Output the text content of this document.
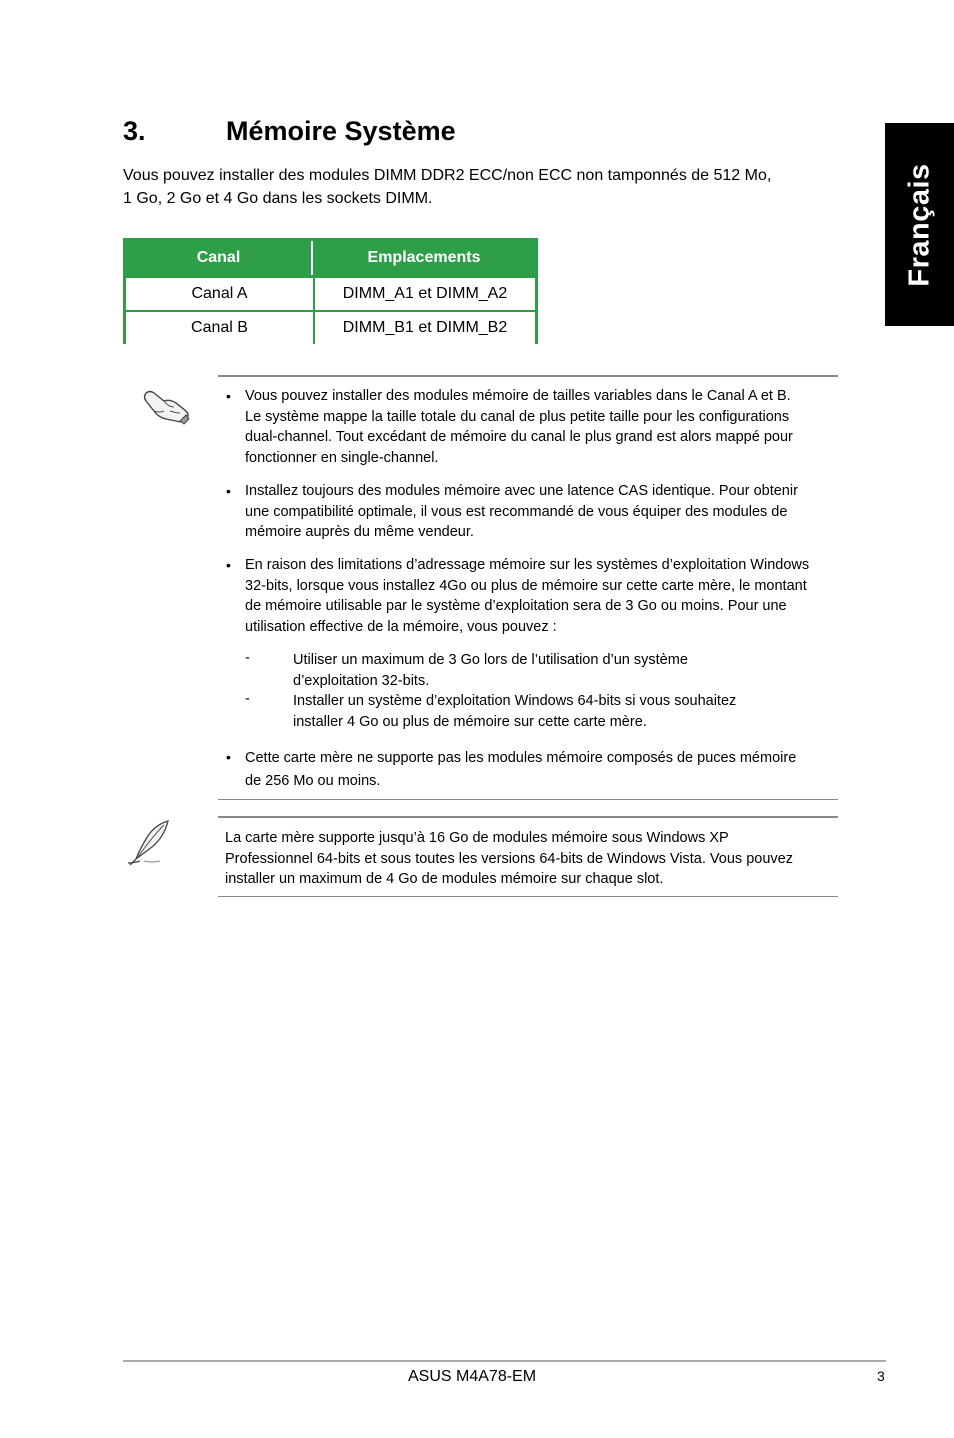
Français
3.	Mémoire Système
Vous pouvez installer des modules DIMM DDR2 ECC/non ECC non tamponnés de 512 Mo,
1 Go, 2 Go et 4 Go dans les sockets DIMM.
Canal	Emplacements
Canal A	DIMM_A1 et DIMM_A2
Canal B	DIMM_B1 et DIMM_B2
• Vous pouvez installer des modules mémoire de tailles variables dans le Canal A et B.
Le système mappe la taille totale du canal de plus petite taille pour les configurations
dual-channel. Tout excédant de mémoire du canal le plus grand est alors mappé pour
fonctionner en single-channel.
• Installez toujours des modules mémoire avec une latence CAS identique. Pour obtenir
une compatibilité optimale, il vous est recommandé de vous équiper des modules de
mémoire auprès du même vendeur.
• En raison des limitations d’adressage mémoire sur les systèmes d’exploitation Windows
32-bits, lorsque vous installez 4Go ou plus de mémoire sur cette carte mère, le montant
de mémoire utilisable par le système d’exploitation sera de 3 Go ou moins. Pour une
utilisation effective de la mémoire, vous pouvez :
-	Utiliser un maximum de 3 Go lors de l’utilisation d’un système
d’exploitation 32-bits.
-	Installer un système d’exploitation Windows 64-bits si vous souhaitez
installer 4 Go ou plus de mémoire sur cette carte mère.
• Cette carte mère ne supporte pas les modules mémoire composés de puces mémoire
de 256 Mo ou moins.
La carte mère supporte jusqu’à 16 Go de modules mémoire sous Windows XP
Professionnel 64-bits et sous toutes les versions 64-bits de Windows Vista. Vous pouvez
installer un maximum de 4 Go de modules mémoire sur chaque slot.
ASUS M4A78-EM	3
